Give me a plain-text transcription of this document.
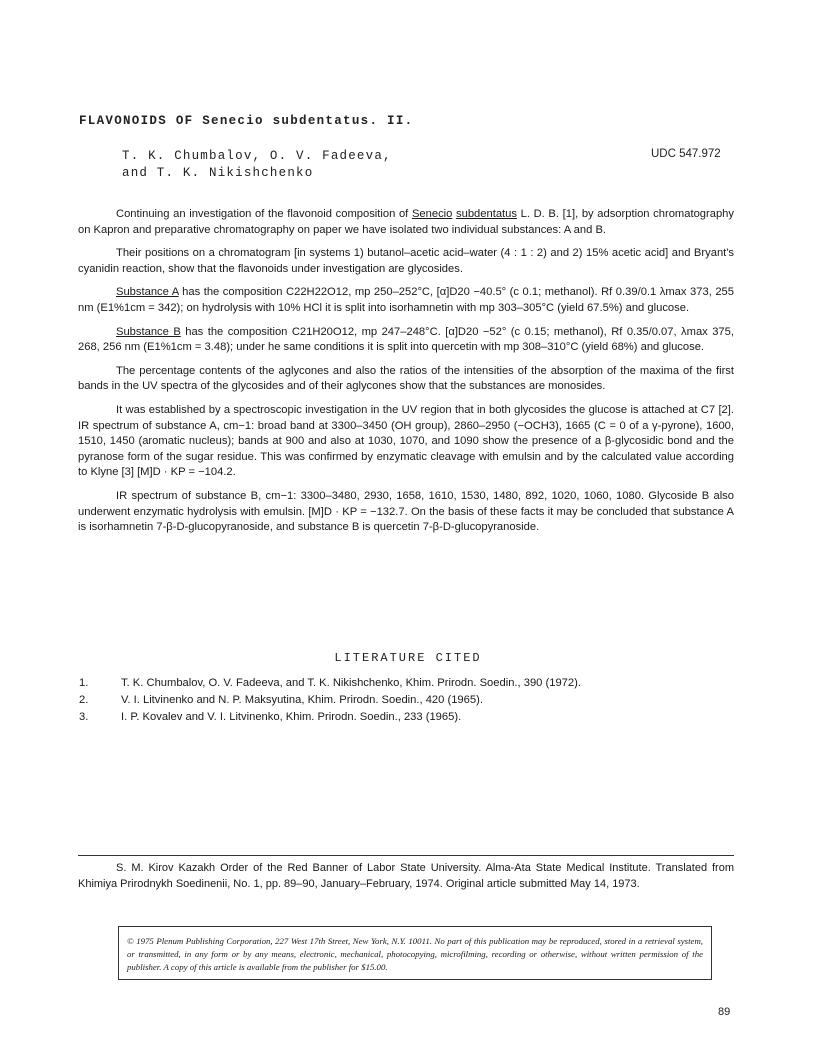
FLAVONOIDS OF Senecio subdentatus. II.
T. K. Chumbalov, O. V. Fadeeva,
and T. K. Nikishchenko
UDC 547.972

Continuing an investigation of the flavonoid composition of Senecio subdentatus L. D. B. [1], by adsorption chromatography on Kapron and preparative chromatography on paper we have isolated two individual substances: A and B.

Their positions on a chromatogram [in systems 1) butanol–acetic acid–water (4 : 1 : 2) and 2) 15% acetic acid] and Bryant's cyanidin reaction, show that the flavonoids under investigation are glycosides.

Substance A has the composition C22H22O12, mp 250–252°C, [α]D20 −40.5° (c 0.1; methanol). Rf 0.39/0.1 λmax 373, 255 nm (E1%1cm = 342); on hydrolysis with 10% HCl it is split into isorhamnetin with mp 303–305°C (yield 67.5%) and glucose.

Substance B has the composition C21H20O12, mp 247–248°C. [α]D20 −52° (c 0.15; methanol), Rf 0.35/0.07, λmax 375, 268, 256 nm (E1%1cm = 3.48); under he same conditions it is split into quercetin with mp 308–310°C (yield 68%) and glucose.

The percentage contents of the aglycones and also the ratios of the intensities of the absorption of the maxima of the first bands in the UV spectra of the glycosides and of their aglycones show that the substances are monosides.

It was established by a spectroscopic investigation in the UV region that in both glycosides the glucose is attached at C7 [2]. IR spectrum of substance A, cm−1: broad band at 3300–3450 (OH group), 2860–2950 (−OCH3), 1665 (C = 0 of a γ-pyrone), 1600, 1510, 1450 (aromatic nucleus); bands at 900 and also at 1030, 1070, and 1090 show the presence of a β-glycosidic bond and the pyranose form of the sugar residue. This was confirmed by enzymatic cleavage with emulsin and by the calculated value according to Klyne [3] [M]D · KP = −104.2.

IR spectrum of substance B, cm−1: 3300–3480, 2930, 1658, 1610, 1530, 1480, 892, 1020, 1060, 1080. Glycoside B also underwent enzymatic hydrolysis with emulsin. [M]D · KP = −132.7. On the basis of these facts it may be concluded that substance A is isorhamnetin 7-β-D-glucopyranoside, and substance B is quercetin 7-β-D-glucopyranoside.

LITERATURE CITED
1.	T. K. Chumbalov, O. V. Fadeeva, and T. K. Nikishchenko, Khim. Prirodn. Soedin., 390 (1972).
2.	V. I. Litvinenko and N. P. Maksyutina, Khim. Prirodn. Soedin., 420 (1965).
3.	I. P. Kovalev and V. I. Litvinenko, Khim. Prirodn. Soedin., 233 (1965).
S. M. Kirov Kazakh Order of the Red Banner of Labor State University. Alma-Ata State Medical Institute. Translated from Khimiya Prirodnykh Soedinenii, No. 1, pp. 89–90, January–February, 1974. Original article submitted May 14, 1973.
© 1975 Plenum Publishing Corporation, 227 West 17th Street, New York, N.Y. 10011. No part of this publication may be reproduced, stored in a retrieval system, or transmitted, in any form or by any means, electronic, mechanical, photocopying, microfilming, recording or otherwise, without written permission of the publisher. A copy of this article is available from the publisher for $15.00.
89
